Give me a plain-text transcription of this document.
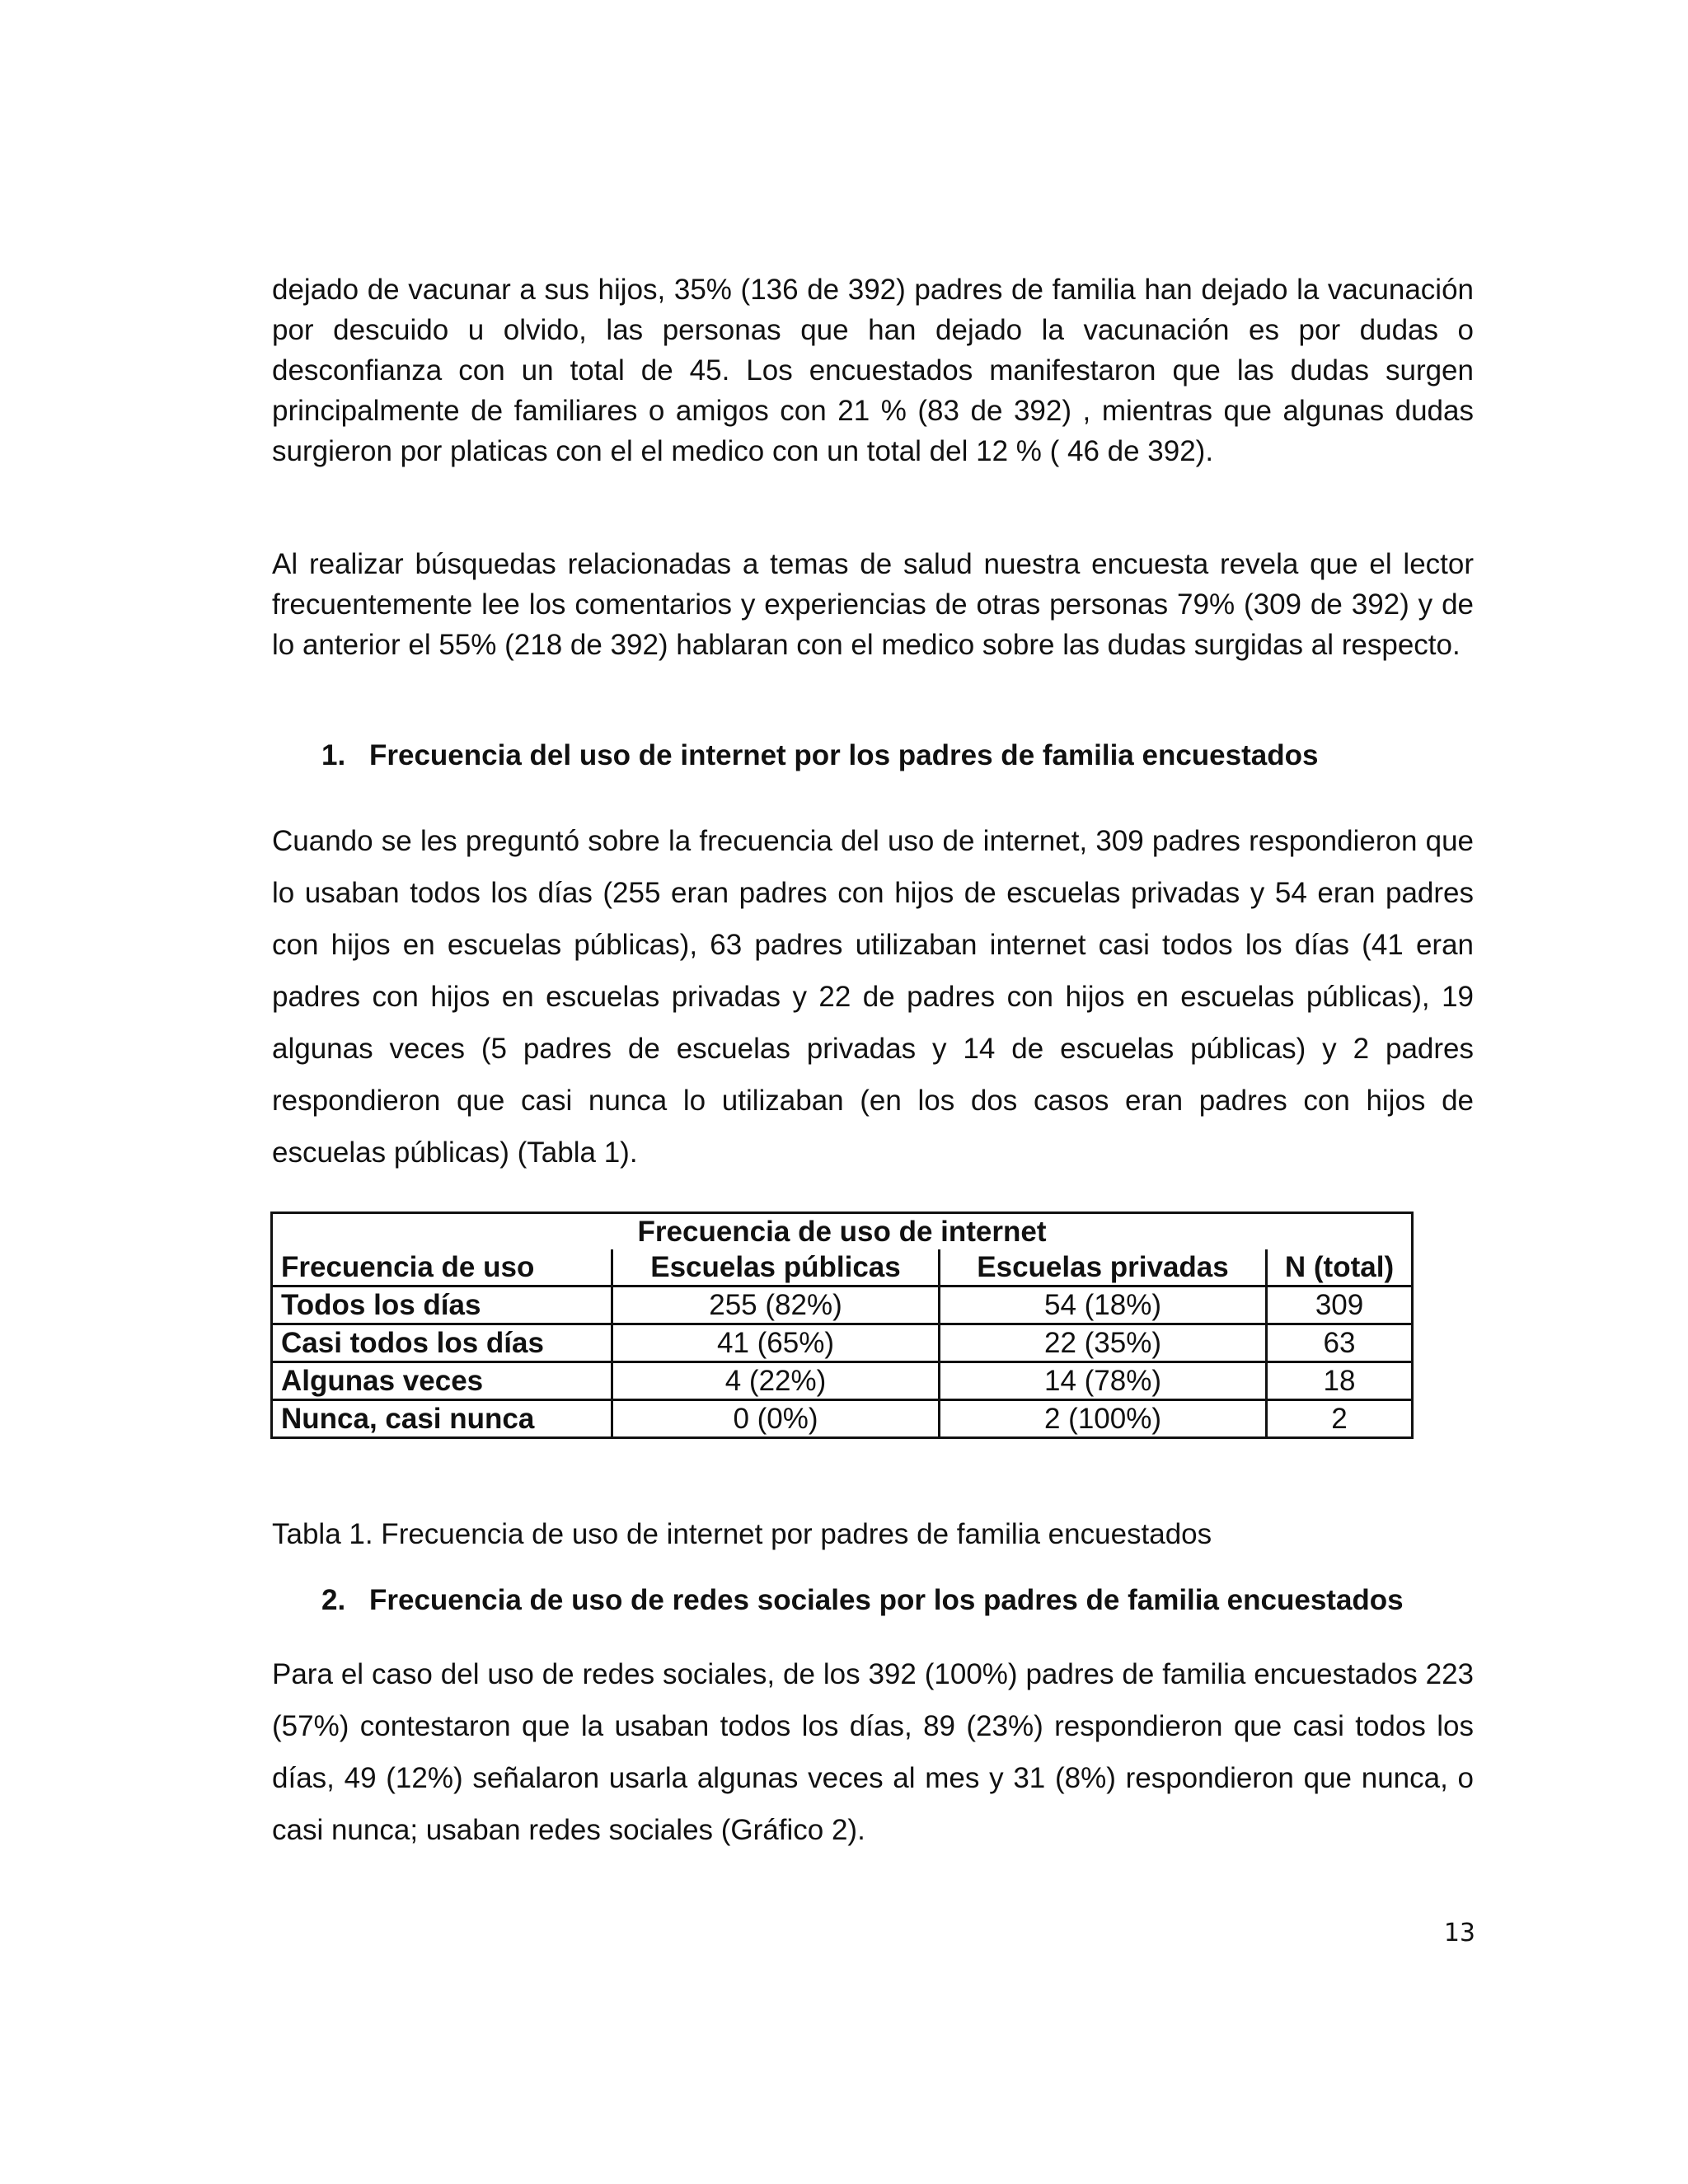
dejado de vacunar a sus hijos, 35% (136 de 392) padres de familia han dejado la vacunación por descuido u olvido, las personas que han dejado la vacunación es por dudas o desconfianza con un total de 45. Los encuestados manifestaron que las dudas surgen principalmente de familiares o amigos con 21 % (83 de 392) , mientras que algunas dudas surgieron por platicas con el el medico con un total del 12 % ( 46 de 392).

Al realizar búsquedas relacionadas a temas de salud nuestra encuesta revela que el lector frecuentemente lee los comentarios y experiencias de otras personas 79% (309 de 392) y de lo anterior el 55% (218 de 392) hablaran con el medico sobre las dudas surgidas al respecto.

1. Frecuencia del uso de internet por los padres de familia encuestados

Cuando se les preguntó sobre la frecuencia del uso de internet, 309 padres respondieron que lo usaban todos los días (255 eran padres con hijos de escuelas privadas y 54 eran padres con hijos en escuelas públicas), 63 padres utilizaban internet casi todos los días (41 eran padres con hijos en escuelas privadas y 22 de padres con hijos en escuelas públicas), 19 algunas veces (5 padres de escuelas privadas y 14 de escuelas públicas) y 2 padres respondieron que casi nunca lo utilizaban (en los dos casos eran padres con hijos de escuelas públicas) (Tabla 1).

Frecuencia de uso de internet			
Frecuencia de uso	Escuelas públicas	Escuelas privadas	N (total)
Todos los días	255 (82%)	54 (18%)	309
Casi todos los días	41 (65%)	22 (35%)	63
Algunas veces	4 (22%)	14 (78%)	18
Nunca, casi nunca	0 (0%)	2 (100%)	2

Tabla 1. Frecuencia de uso de internet por padres de familia encuestados

2. Frecuencia de uso de redes sociales por los padres de familia encuestados

Para el caso del uso de redes sociales, de los 392 (100%) padres de familia encuestados 223 (57%) contestaron que la usaban todos los días, 89 (23%) respondieron que casi todos los días, 49 (12%) señalaron usarla algunas veces al mes y 31 (8%) respondieron que nunca, o casi nunca; usaban redes sociales (Gráfico 2).

13
